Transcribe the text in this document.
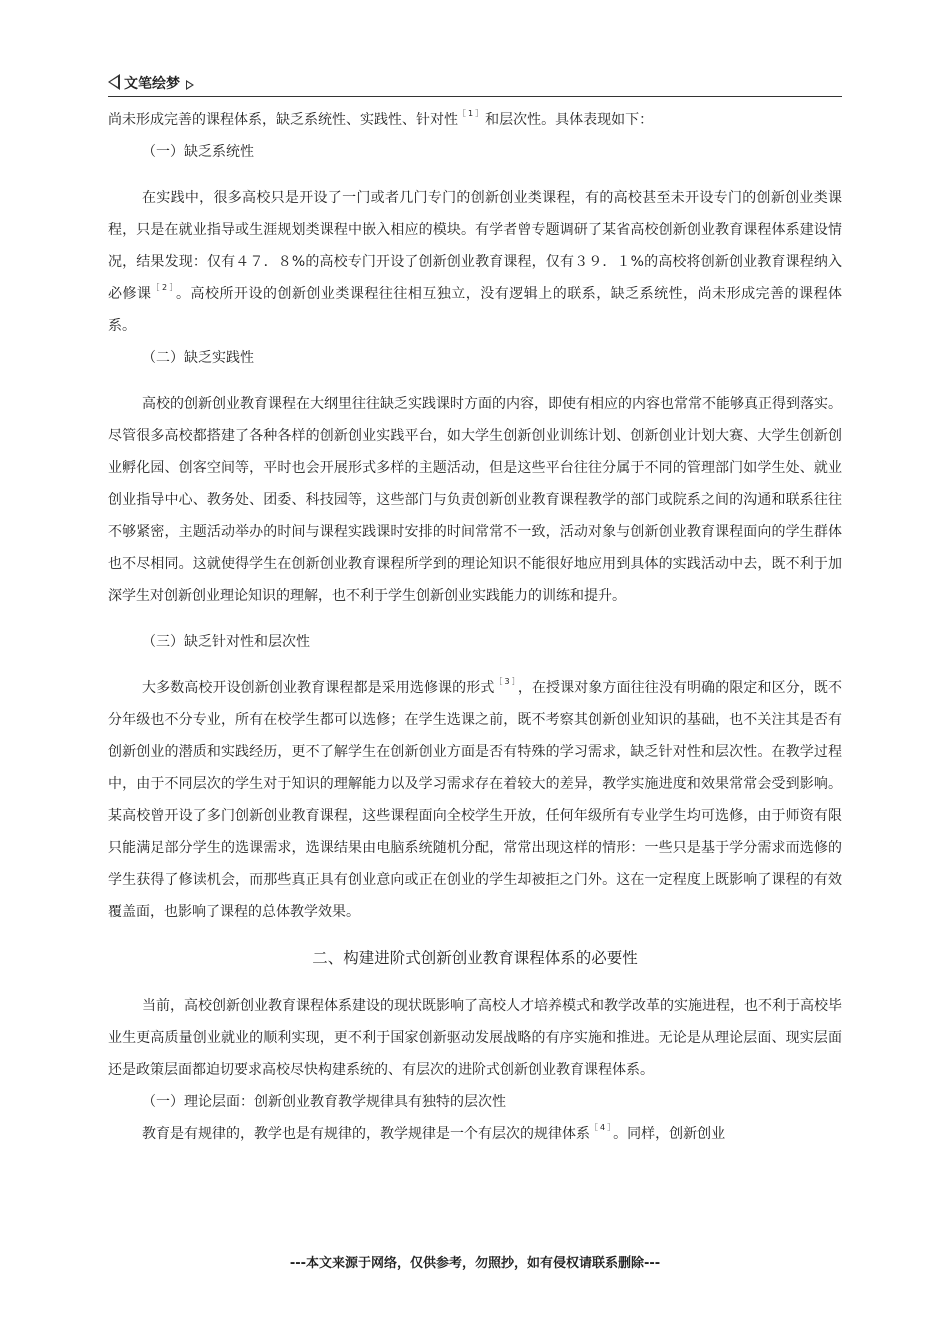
文笔绘梦

尚未形成完善的课程体系，缺乏系统性、实践性、针对性$^{[1]}$和层次性。具体表现如下：

（一）缺乏系统性

在实践中，很多高校只是开设了一门或者几门专门的创新创业类课程，有的高校甚至未开设专门的创新创业类课程，只是在就业指导或生涯规划类课程中嵌入相应的模块。有学者曾专题调研了某省高校创新创业教育课程体系建设情况，结果发现：仅有４７．８%的高校专门开设了创新创业教育课程，仅有３９．１%的高校将创新创业教育课程纳入必修课$^{[2]}$。高校所开设的创新创业类课程往往相互独立，没有逻辑上的联系，缺乏系统性，尚未形成完善的课程体系。

（二）缺乏实践性

高校的创新创业教育课程在大纲里往往缺乏实践课时方面的内容，即使有相应的内容也常常不能够真正得到落实。尽管很多高校都搭建了各种各样的创新创业实践平台，如大学生创新创业训练计划、创新创业计划大赛、大学生创新创业孵化园、创客空间等，平时也会开展形式多样的主题活动，但是这些平台往往分属于不同的管理部门如学生处、就业创业指导中心、教务处、团委、科技园等，这些部门与负责创新创业教育课程教学的部门或院系之间的沟通和联系往往不够紧密，主题活动举办的时间与课程实践课时安排的时间常常不一致，活动对象与创新创业教育课程面向的学生群体也不尽相同。这就使得学生在创新创业教育课程所学到的理论知识不能很好地应用到具体的实践活动中去，既不利于加深学生对创新创业理论知识的理解，也不利于学生创新创业实践能力的训练和提升。

（三）缺乏针对性和层次性

大多数高校开设创新创业教育课程都是采用选修课的形式$^{[3]}$，在授课对象方面往往没有明确的限定和区分，既不分年级也不分专业，所有在校学生都可以选修；在学生选课之前，既不考察其创新创业知识的基础，也不关注其是否有创新创业的潜质和实践经历，更不了解学生在创新创业方面是否有特殊的学习需求，缺乏针对性和层次性。在教学过程中，由于不同层次的学生对于知识的理解能力以及学习需求存在着较大的差异，教学实施进度和效果常常会受到影响。某高校曾开设了多门创新创业教育课程，这些课程面向全校学生开放，任何年级所有专业学生均可选修，由于师资有限只能满足部分学生的选课需求，选课结果由电脑系统随机分配，常常出现这样的情形：一些只是基于学分需求而选修的学生获得了修读机会，而那些真正具有创业意向或正在创业的学生却被拒之门外。这在一定程度上既影响了课程的有效覆盖面，也影响了课程的总体教学效果。

二、构建进阶式创新创业教育课程体系的必要性

当前，高校创新创业教育课程体系建设的现状既影响了高校人才培养模式和教学改革的实施进程，也不利于高校毕业生更高质量创业就业的顺利实现，更不利于国家创新驱动发展战略的有序实施和推进。无论是从理论层面、现实层面还是政策层面都迫切要求高校尽快构建系统的、有层次的进阶式创新创业教育课程体系。

（一）理论层面：创新创业教育教学规律具有独特的层次性

教育是有规律的，教学也是有规律的，教学规律是一个有层次的规律体系$^{[4]}$。同样，创新创业

---本文来源于网络，仅供参考，勿照抄，如有侵权请联系删除---
